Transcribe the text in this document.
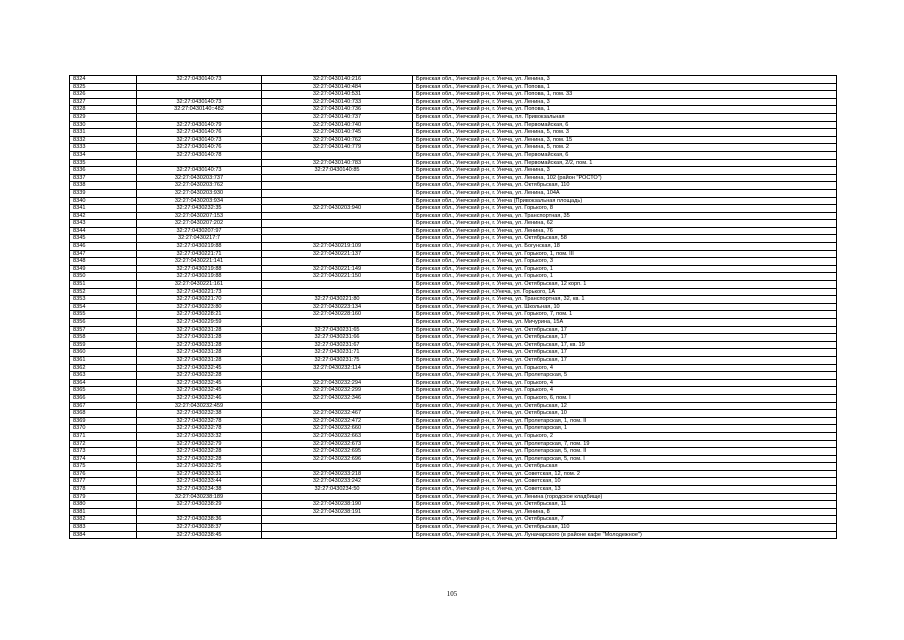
8324	32:27:0430140:73	32:27:0430140:216	Брянская обл., Унечский р-н, г. Унеча, ул. Ленина, 3
8325		32:27:0430140:484	Брянская обл., Унечский р-н, г. Унеча, ул. Попова, 1
8326		32:27:0430140:531	Брянская обл., Унечский р-н, г. Унеча, ул. Попова, 1, пом. 33
8327	32:27:0430140:73	32:27:0430140:733	Брянская обл., Унечский р-н, г. Унеча, ул. Ленина, 3
8328	32:27:0430140::482	32:27:0430140:736	Брянская обл., Унечский р-н, г. Унеча, ул. Попова, 1
8329		32:27:0430140:737	Брянская обл., Унечский р-н, г. Унеча, пл. Привокзальная
8330	32:27:0430140:79	32:27:0430140:740	Брянская обл., Унечский р-н, г. Унеча, ул. Первомайская, 6
8331	32:27:0430140:76	32:27:0430140:745	Брянская обл., Унечский р-н, г. Унеча, ул. Ленина, 5, пом. 3
8332	32:27:0430140:73	32:27:0430140:762	Брянская обл., Унечский р-н, г. Унеча, ул. Ленина, 3, пом. 15
8333	32:27:0430140:76	32:27:0430140:779	Брянская обл., Унечский р-н, г. Унеча, ул. Ленина, 5, пом. 2
8334	32:27:0430140:78		Брянская обл., Унечский р-н, г. Унеча, ул. Первомайская, 6
8335		32:27:0430140:783	Брянская обл., Унечский р-н, г. Унеча, ул. Первомайская, 2/2, пом. 1
8336	32:27:0430140:73	32:27:0430140:85	Брянская обл., Унечский р-н, г. Унеча, ул. Ленина, 3
8337	32:27:0430203:737		Брянская обл., Унечский р-н, г. Унеча, ул. Ленина, 102 (район "РОСТО")
8338	32:27:0430203:762		Брянская обл., Унечский р-н, г. Унеча, ул. Октябрьская, 110
8339	32:27:0430203:930		Брянская обл., Унечский р-н, г. Унеча, ул. Ленина, 104А
8340	32:27:0430203:934		Брянская обл., Унечский р-н, г. Унеча (Привокзальная площадь)
8341	32:27:0430232:35	32:27:0430203:940	Брянская обл., Унечский р-н, г. Унеча, ул. Горького, 8
8342	32:27:0430207:153		Брянская обл., Унечский р-н, г. Унеча, ул. Транспортная, 35
8343	32:27:0430207:202		Брянская обл., Унечский р-н, г. Унеча, ул. Ленина, 62
8344	32:27:0430207:97		Брянская обл., Унечский р-н, г. Унеча, ул. Ленина, 76
8345	32:27:0430217:7		Брянская обл., Унечский р-н, г. Унеча, ул. Октябрьская, 58
8346	32:27:0430219:88	32:27:0430219:109	Брянская обл., Унечский р-н, г. Унеча, ул. Богунская, 18
8347	32:27:0430221:71	32:27:0430221:137	Брянская обл., Унечский р-н, г. Унеча, ул. Горького, 1, пом. III
8348	32:27:0430221:141		Брянская обл., Унечский р-н, г. Унеча, ул. Горького, 3
8349	32:27:0430219:88	32:27:0430221:149	Брянская обл., Унечский р-н, г. Унеча, ул. Горького, 1
8350	32:27:0430219:88	32:27:0430221:150	Брянская обл., Унечский р-н, г. Унеча, ул. Горького, 1
8351	32:27:0430221:161		Брянская обл., Унечский р-н, г. Унеча, ул. Октябрьская, 12 корп. 1
8352	32:27:0430221:73		Брянская обл., Унечский р-н, г.Унеча, ул. Горького, 1А
8353	32:27:0430221:70	32:27:0430221:80	Брянская обл., Унечский р-н, г. Унеча, ул. Транспортная, 32, кв. 1
8354	32:27:0430223:80	32:27:0430223:134	Брянская обл., Унечский р-н, г. Унеча, ул. Школьная, 10
8355	32:27:0430228:21	32:27:0430228:160	Брянская обл., Унечский р-н, г. Унеча, ул. Горького, 7, пом. 1
8356	32:27:0430229:59		Брянская обл., Унечский р-н, г. Унеча, ул. Мичурина, 15А
8357	32:27:0430231:28	32:27:0430231:65	Брянская обл., Унечский р-н, г. Унеча, ул. Октябрьская, 17
8358	32:27:0430231:28	32:27:0430231:66	Брянская обл., Унечский р-н, г. Унеча, ул. Октябрьская, 17
8359	32:27:0430231:28	32:27:0430231:67	Брянская обл., Унечский р-н, г. Унеча, ул. Октябрьская, 17, кв. 19
8360	32:27:0430231:28	32:27:0430231:71	Брянская обл., Унечский р-н, г. Унеча, ул. Октябрьская, 17
8361	32:27:0430231:28	32:27:0430231:75	Брянская обл., Унечский р-н, г. Унеча, ул. Октябрьская, 17
8362	32:27:0430232:45	32:27:0430232:114	Брянская обл., Унечский р-н, г. Унеча, ул. Горького, 4
8363	32:27:0430232:28		Брянская обл., Унечский р-н, г. Унеча, ул. Пролетарская, 5
8364	32:27:0430232:45	32:27:0430232:294	Брянская обл., Унечский р-н, г. Унеча, ул. Горького, 4
8365	32:27:0430232:45	32:27:0430232:299	Брянская обл., Унечский р-н, г. Унеча, ул. Горького, 4
8366	32:27:0430232:46	32:27:0430232:346	Брянская обл., Унечский р-н, г. Унеча, ул. Горького, 6, пом. I
8367	32:27:0430232:459		Брянская обл., Унечский р-н, г. Унеча, ул. Октябрьская, 12
8368	32:27:0430232:38	32:27:0430232:467	Брянская обл., Унечский р-н, г. Унеча, ул. Октябрьская, 10
8369	32:27:0430232:78	32:27:0430232:472	Брянская обл., Унечский р-н, г. Унеча, ул. Пролетарская, 1, пом. II
8370	32:27:0430232:78	32:27:0430232:660	Брянская обл., Унечский р-н, г. Унеча, ул. Пролетарская, 1
8371	32:27:0430233:32	32:27:0430232:663	Брянская обл., Унечский р-н, г. Унеча, ул. Горького, 2
8372	32:27:0430232:79	32:27:0430232:673	Брянская обл., Унечский р-н, г. Унеча, ул. Пролетарская, 7, пом. 19
8373	32:27:0430232:28	32:27:0430232:695	Брянская обл., Унечский р-н, г. Унеча, ул. Пролетарская, 5, пом. II
8374	32:27:0430232:28	32:27:0430232:696	Брянская обл., Унечский р-н, г. Унеча, ул. Пролетарская, 5, пом. I
8375	32:27:0430232:75		Брянская обл., Унечский р-н, г. Унеча, ул. Октябрьская
8376	32:27:0430233:31	32:27:0430233:218	Брянская обл., Унечский р-н, г. Унеча, ул. Советская, 12, пом. 2
8377	32:27:0430233:44	32:27:0430233:242	Брянская обл., Унечский р-н, г. Унеча, ул. Советская, 10
8378	32:27:0430234:38	32:27:0430234:50	Брянская обл., Унечский р-н, г. Унеча, ул. Советская, 13
8379	32:27:0430238:189		Брянская обл., Унечский р-н, г. Унеча, ул. Ленина (городское кладбище)
8380	32:27:0430238:29	32:27:0430238:190	Брянская обл., Унечский р-н, г. Унеча, ул. Октябрьская, 11
8381		32:27:0430238:191	Брянская обл., Унечский р-н, г. Унеча, ул. Ленина, 8
8382	32:27:0430238:36		Брянская обл., Унечский р-н, г. Унеча, ул. Октябрьская, 7
8383	32:27:0430238:37		Брянская обл., Унечский р-н, г. Унеча, ул. Октябрьская, 110
8384	32:27:0430238:45		Брянская обл., Унечский р-н, г. Унеча, ул. Луначарского (в районе кафе "Молодежное")
105
